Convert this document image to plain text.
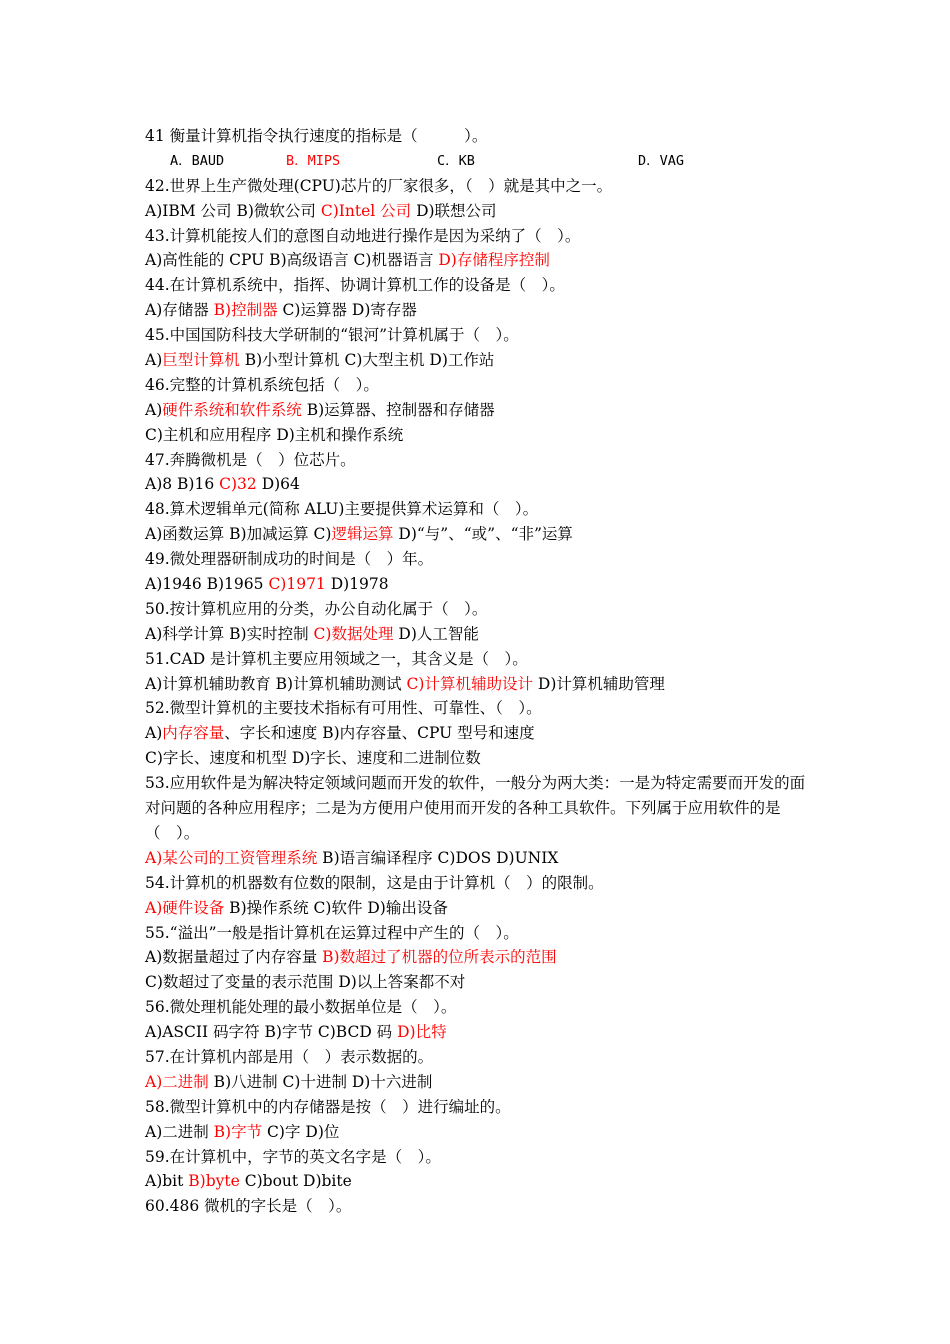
41 衡量计算机指令执行速度的指标是（　　　）。
A．BAUD	B．MIPS	C．KB	D．VAG
42.世界上生产微处理(CPU)芯片的厂家很多，（　）就是其中之一。
A)IBM 公司 B)微软公司 C)Intel 公司 D)联想公司
43.计算机能按人们的意图自动地进行操作是因为采纳了（　）。
A)高性能的 CPU B)高级语言 C)机器语言 D)存储程序控制
44.在计算机系统中，指挥、协调计算机工作的设备是（　）。
A)存储器 B)控制器 C)运算器 D)寄存器
45.中国国防科技大学研制的“银河”计算机属于（　）。
A)巨型计算机 B)小型计算机 C)大型主机 D)工作站
46.完整的计算机系统包括（　）。
A)硬件系统和软件系统 B)运算器、控制器和存储器
C)主机和应用程序 D)主机和操作系统
47.奔腾微机是（　）位芯片。
A)8 B)16 C)32 D)64
48.算术逻辑单元(简称 ALU)主要提供算术运算和（　）。
A)函数运算 B)加减运算 C)逻辑运算 D)“与”、“或”、“非”运算
49.微处理器研制成功的时间是（　）年。
A)1946 B)1965 C)1971 D)1978
50.按计算机应用的分类，办公自动化属于（　）。
A)科学计算 B)实时控制 C)数据处理 D)人工智能
51.CAD 是计算机主要应用领域之一，其含义是（　）。
A)计算机辅助教育 B)计算机辅助测试 C)计算机辅助设计 D)计算机辅助管理
52.微型计算机的主要技术指标有可用性、可靠性、（　）。
A)内存容量、字长和速度 B)内存容量、CPU 型号和速度
C)字长、速度和机型 D)字长、速度和二进制位数
53.应用软件是为解决特定领域问题而开发的软件，一般分为两大类：一是为特定需要而开发的面对问题的各种应用程序；二是为方便用户使用而开发的各种工具软件。下列属于应用软件的是（　）。
A)某公司的工资管理系统 B)语言编译程序 C)DOS D)UNIX
54.计算机的机器数有位数的限制，这是由于计算机（　）的限制。
A)硬件设备 B)操作系统 C)软件 D)输出设备
55.“溢出”一般是指计算机在运算过程中产生的（　）。
A)数据量超过了内存容量 B)数超过了机器的位所表示的范围
C)数超过了变量的表示范围 D)以上答案都不对
56.微处理机能处理的最小数据单位是（　）。
A)ASCII 码字符 B)字节 C)BCD 码 D)比特
57.在计算机内部是用（　）表示数据的。
A)二进制 B)八进制 C)十进制 D)十六进制
58.微型计算机中的内存储器是按（　）进行编址的。
A)二进制 B)字节 C)字 D)位
59.在计算机中，字节的英文名字是（　）。
A)bit B)byte C)bout D)bite
60.486 微机的字长是（　）。
